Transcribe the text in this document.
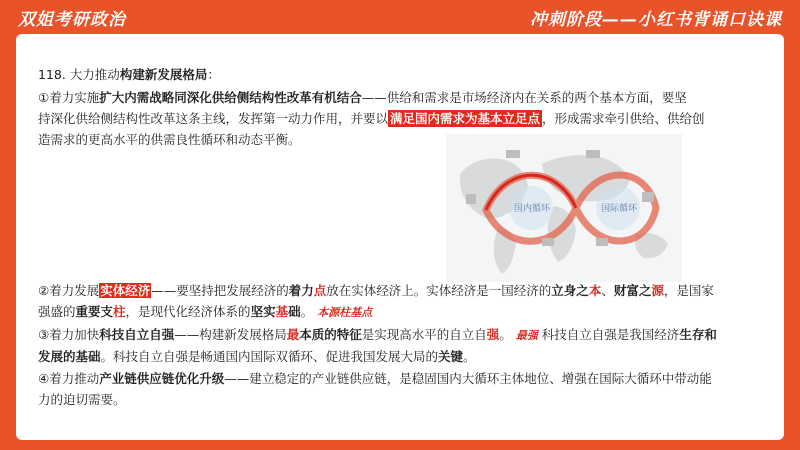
双姐考研政治	冲刺阶段——小红书背诵口诀课
118. 大力推动构建新发展格局：
①着力实施扩大内需战略同深化供给侧结构性改革有机结合——供给和需求是市场经济内在关系的两个基本方面，要坚
持深化供给侧结构性改革这条主线，发挥第一动力作用，并要以 满足国内需求为基本立足点 ，形成需求牵引供给、供给创
造需求的更高水平的供需良性循环和动态平衡。
国内循环	国际循环
②着力发展实体经济——要坚持把发展经济的着力点放在实体经济上。实体经济是一国经济的立身之本、财富之源，是国家
强盛的重要支柱，是现代化经济体系的坚实基础。 本源柱基点
③着力加快科技自立自强——构建新发展格局最本质的特征是实现高水平的自立自强。 最强 科技自立自强是我国经济生存和
发展的基础。科技自立自强是畅通国内国际双循环、促进我国发展大局的关键。
④着力推动产业链供应链优化升级——建立稳定的产业链供应链，是稳固国内大循环主体地位、增强在国际大循环中带动能
力的迫切需要。
